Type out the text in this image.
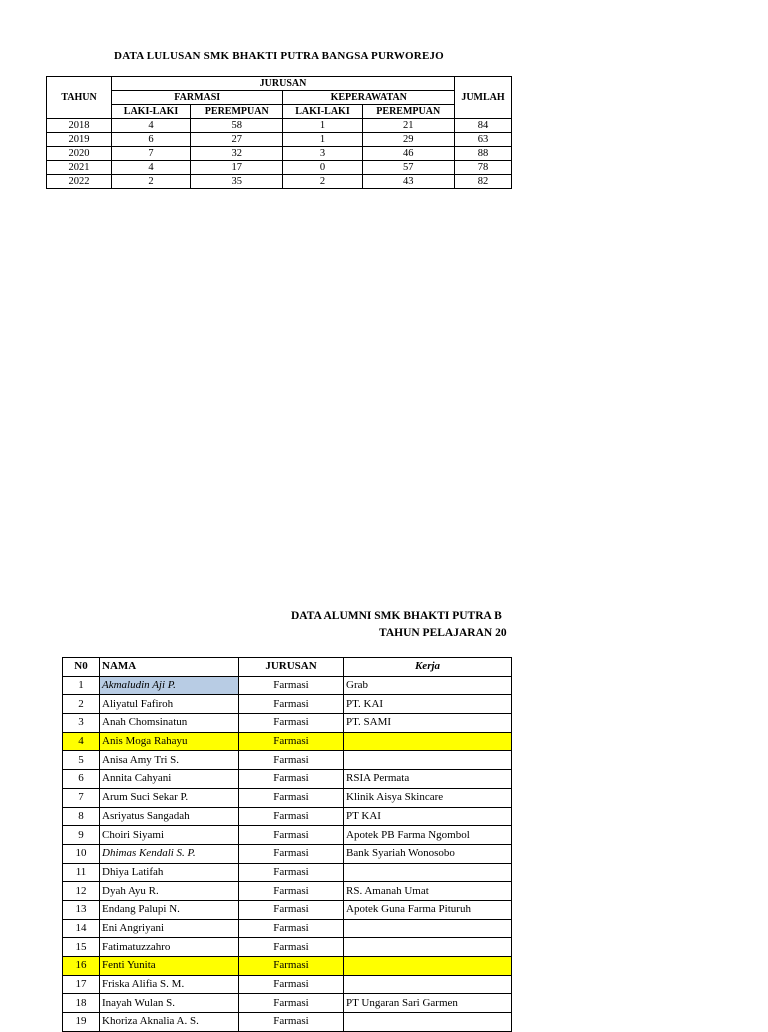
DATA LULUSAN SMK BHAKTI PUTRA BANGSA PURWOREJO
TAHUN	JURUSAN				JUMLAH
	FARMASI		KEPERAWATAN		
	LAKI-LAKI	PEREMPUAN	LAKI-LAKI	PEREMPUAN	
2018	4	58	1	21	84
2019	6	27	1	29	63
2020	7	32	3	46	88
2021	4	17	0	57	78
2022	2	35	2	43	82
DATA ALUMNI SMK BHAKTI PUTRA B
TAHUN PELAJARAN 20
N0	NAMA	JURUSAN	Kerja
1	Akmaludin Aji P.	Farmasi	Grab
2	Aliyatul Fafiroh	Farmasi	PT. KAI
3	Anah Chomsinatun	Farmasi	PT. SAMI
4	Anis Moga Rahayu	Farmasi	
5	Anisa Amy Tri S.	Farmasi	
6	Annita Cahyani	Farmasi	RSIA Permata
7	Arum Suci Sekar P.	Farmasi	Klinik Aisya Skincare
8	Asriyatus Sangadah	Farmasi	PT KAI
9	Choiri Siyami	Farmasi	Apotek PB Farma Ngombol
10	Dhimas Kendali S. P.	Farmasi	Bank Syariah Wonosobo
11	Dhiya Latifah	Farmasi	
12	Dyah Ayu R.	Farmasi	RS. Amanah Umat
13	Endang Palupi N.	Farmasi	Apotek Guna Farma Pituruh
14	Eni Angriyani	Farmasi	
15	Fatimatuzzahro	Farmasi	
16	Fenti Yunita	Farmasi	
17	Friska Alifia S. M.	Farmasi	
18	Inayah Wulan S.	Farmasi	PT Ungaran Sari Garmen
19	Khoriza Aknalia A. S.	Farmasi	
